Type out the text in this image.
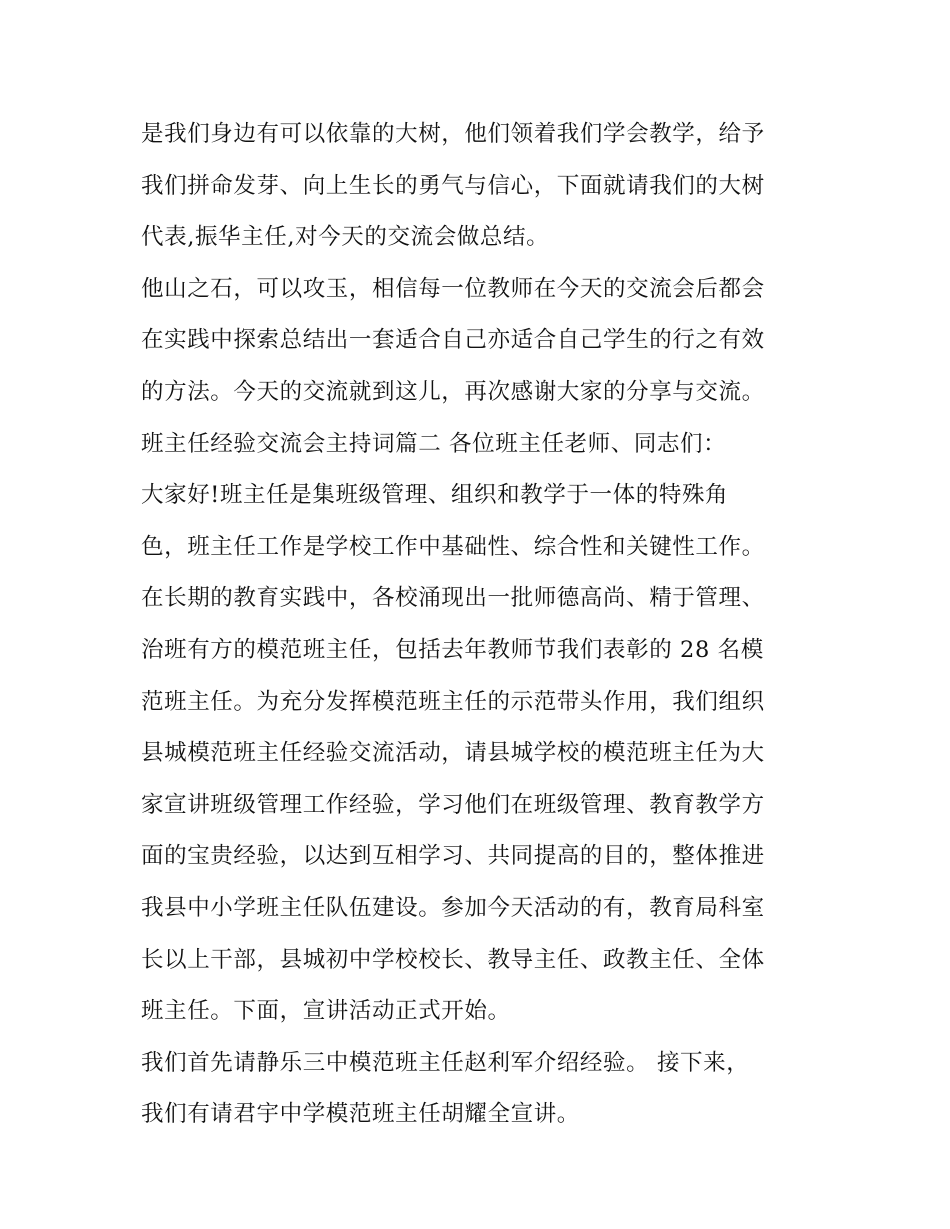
是我们身边有可以依靠的大树，他们领着我们学会教学，给予
我们拼命发芽、向上生长的勇气与信心，下面就请我们的大树
代表,振华主任,对今天的交流会做总结。
他山之石，可以攻玉，相信每一位教师在今天的交流会后都会
在实践中探索总结出一套适合自己亦适合自己学生的行之有效
的方法。今天的交流就到这儿，再次感谢大家的分享与交流。
班主任经验交流会主持词篇二 各位班主任老师、同志们：
大家好!班主任是集班级管理、组织和教学于一体的特殊角
色，班主任工作是学校工作中基础性、综合性和关键性工作。
在长期的教育实践中，各校涌现出一批师德高尚、精于管理、
治班有方的模范班主任，包括去年教师节我们表彰的 28 名模
范班主任。为充分发挥模范班主任的示范带头作用，我们组织
县城模范班主任经验交流活动，请县城学校的模范班主任为大
家宣讲班级管理工作经验，学习他们在班级管理、教育教学方
面的宝贵经验，以达到互相学习、共同提高的目的，整体推进
我县中小学班主任队伍建设。参加今天活动的有，教育局科室
长以上干部，县城初中学校校长、教导主任、政教主任、全体
班主任。下面，宣讲活动正式开始。
我们首先请静乐三中模范班主任赵利军介绍经验。 接下来，
我们有请君宇中学模范班主任胡耀全宣讲。
